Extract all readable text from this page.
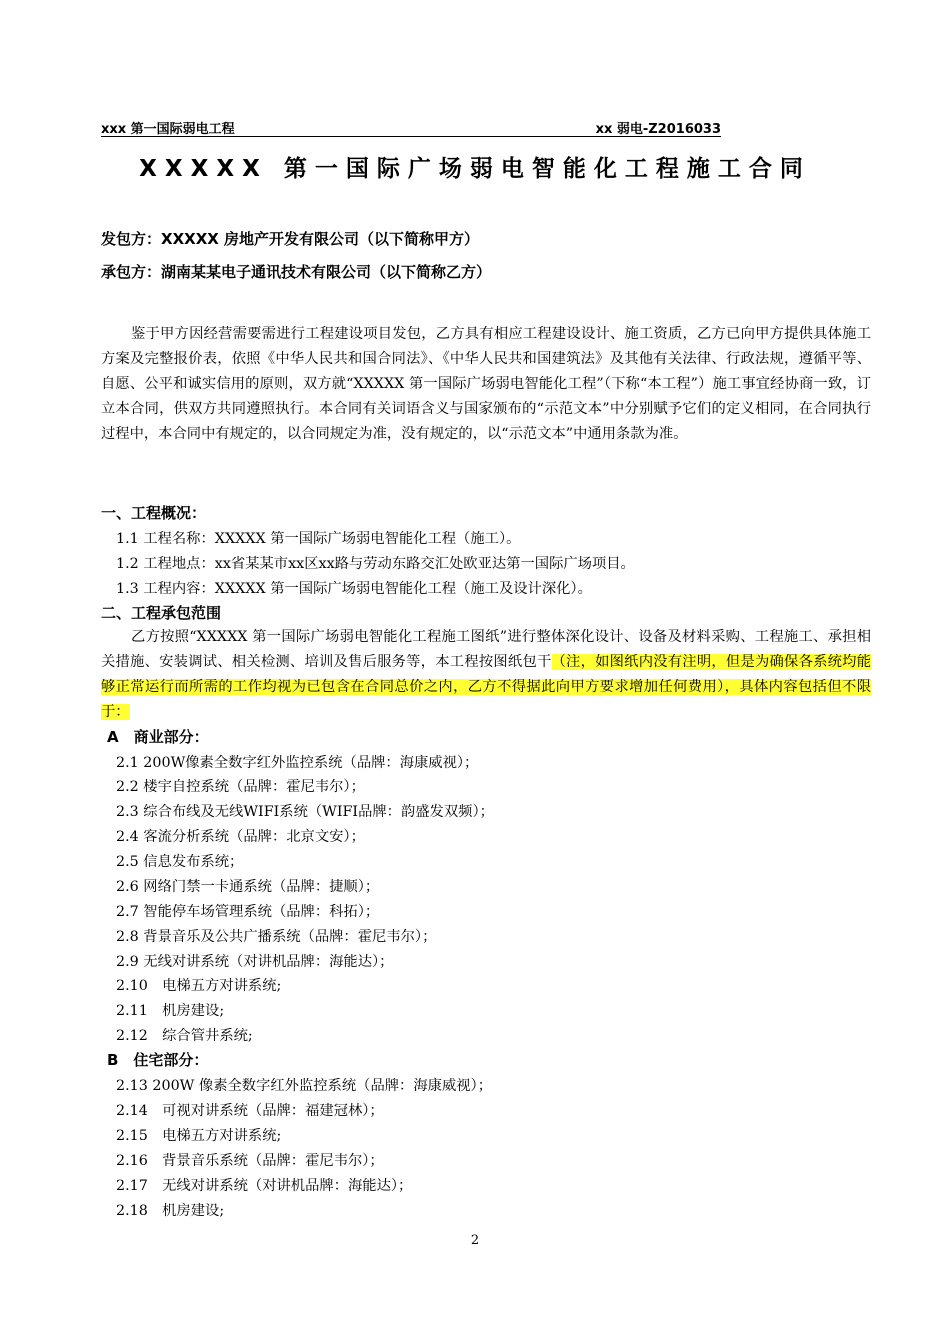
xxx 第一国际弱电工程	xx 弱电-Z2016033
XXXXX 第一国际广场弱电智能化工程施工合同
发包方：XXXXX 房地产开发有限公司（以下简称甲方）
承包方：湖南某某电子通讯技术有限公司（以下简称乙方）
鉴于甲方因经营需要需进行工程建设项目发包，乙方具有相应工程建设设计、施工资质，乙方已向甲方提供具体施工方案及完整报价表，依照《中华人民共和国合同法》、《中华人民共和国建筑法》及其他有关法律、行政法规，遵循平等、自愿、公平和诚实信用的原则，双方就“XXXXX 第一国际广场弱电智能化工程”（下称“本工程”）施工事宜经协商一致，订立本合同，供双方共同遵照执行。本合同有关词语含义与国家颁布的“示范文本”中分别赋予它们的定义相同，在合同执行过程中，本合同中有规定的，以合同规定为准，没有规定的，以“示范文本”中通用条款为准。
一、工程概况：
1.1 工程名称：XXXXX 第一国际广场弱电智能化工程（施工）。
1.2 工程地点：xx省某某市xx区xx路与劳动东路交汇处欧亚达第一国际广场项目。
1.3 工程内容：XXXXX 第一国际广场弱电智能化工程（施工及设计深化）。
二、工程承包范围
乙方按照“XXXXX 第一国际广场弱电智能化工程施工图纸”进行整体深化设计、设备及材料采购、工程施工、承担相关措施、安装调试、相关检测、培训及售后服务等，本工程按图纸包干（注，如图纸内没有注明，但是为确保各系统均能够正常运行而所需的工作均视为已包含在合同总价之内，乙方不得据此向甲方要求增加任何费用），具体内容包括但不限于：
A　商业部分：
2.1 200W像素全数字红外监控系统（品牌：海康威视）；
2.2 楼宇自控系统（品牌：霍尼韦尔）；
2.3 综合布线及无线WIFI系统（WIFI品牌：韵盛发双频）；
2.4 客流分析系统（品牌：北京文安）；
2.5 信息发布系统；
2.6 网络门禁一卡通系统（品牌：捷顺）；
2.7 智能停车场管理系统（品牌：科拓）；
2.8 背景音乐及公共广播系统（品牌：霍尼韦尔）；
2.9 无线对讲系统（对讲机品牌：海能达）；
2.10　电梯五方对讲系统;
2.11　机房建设;
2.12　综合管井系统;
B　住宅部分：
2.13 200W 像素全数字红外监控系统（品牌：海康威视）；
2.14　可视对讲系统（品牌：福建冠林）；
2.15　电梯五方对讲系统;
2.16　背景音乐系统（品牌：霍尼韦尔）；
2.17　无线对讲系统（对讲机品牌：海能达）；
2.18　机房建设;
2
